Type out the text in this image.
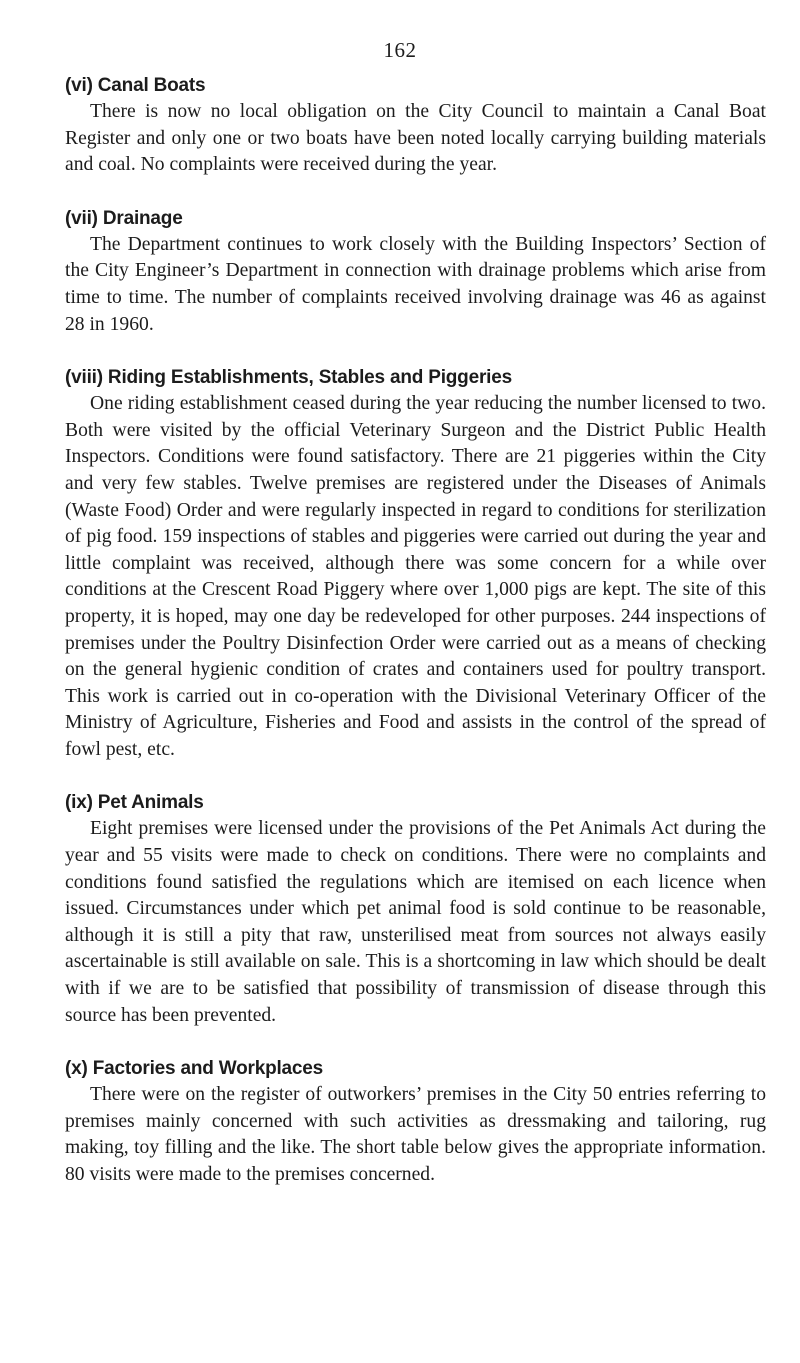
162
(vi) Canal Boats

There is now no local obligation on the City Council to maintain a Canal Boat Register and only one or two boats have been noted locally carrying building materials and coal. No complaints were received during the year.

(vii) Drainage

The Department continues to work closely with the Building Inspectors’ Section of the City Engineer’s Department in connection with drainage problems which arise from time to time. The number of complaints received involving drainage was 46 as against 28 in 1960.

(viii) Riding Establishments, Stables and Piggeries

One riding establishment ceased during the year reducing the number licensed to two. Both were visited by the official Veterinary Surgeon and the District Public Health Inspectors. Conditions were found satisfactory. There are 21 piggeries within the City and very few stables. Twelve premises are registered under the Diseases of Animals (Waste Food) Order and were regularly inspected in regard to conditions for sterilization of pig food. 159 inspections of stables and piggeries were carried out during the year and little complaint was received, although there was some concern for a while over conditions at the Crescent Road Piggery where over 1,000 pigs are kept. The site of this property, it is hoped, may one day be redeveloped for other purposes. 244 inspections of premises under the Poultry Disinfection Order were carried out as a means of checking on the general hygienic condition of crates and containers used for poultry transport. This work is carried out in co-operation with the Divisional Veterinary Officer of the Ministry of Agriculture, Fisheries and Food and assists in the control of the spread of fowl pest, etc.

(ix) Pet Animals

Eight premises were licensed under the provisions of the Pet Animals Act during the year and 55 visits were made to check on conditions. There were no complaints and conditions found satisfied the regulations which are itemised on each licence when issued. Circumstances under which pet animal food is sold continue to be reasonable, although it is still a pity that raw, unsterilised meat from sources not always easily ascertainable is still available on sale. This is a shortcoming in law which should be dealt with if we are to be satisfied that possibility of transmission of disease through this source has been prevented.

(x) Factories and Workplaces

There were on the register of outworkers’ premises in the City 50 entries referring to premises mainly concerned with such activities as dressmaking and tailoring, rug making, toy filling and the like. The short table below gives the appropriate information. 80 visits were made to the premises concerned.
